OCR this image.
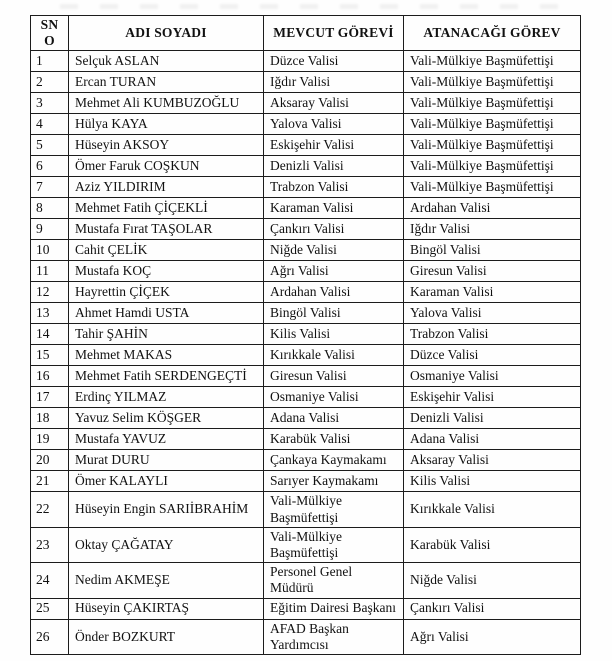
SNO	ADI SOYADI	MEVCUT GÖREVİ	ATANACAĞI GÖREV
1	Selçuk ASLAN	Düzce Valisi	Vali-Mülkiye Başmüfettişi
2	Ercan TURAN	Iğdır Valisi	Vali-Mülkiye Başmüfettişi
3	Mehmet Ali KUMBUZOĞLU	Aksaray Valisi	Vali-Mülkiye Başmüfettişi
4	Hülya KAYA	Yalova Valisi	Vali-Mülkiye Başmüfettişi
5	Hüseyin AKSOY	Eskişehir Valisi	Vali-Mülkiye Başmüfettişi
6	Ömer Faruk COŞKUN	Denizli Valisi	Vali-Mülkiye Başmüfettişi
7	Aziz YILDIRIM	Trabzon Valisi	Vali-Mülkiye Başmüfettişi
8	Mehmet Fatih ÇİÇEKLİ	Karaman Valisi	Ardahan Valisi
9	Mustafa Fırat TAŞOLAR	Çankırı Valisi	Iğdır Valisi
10	Cahit ÇELİK	Niğde Valisi	Bingöl Valisi
11	Mustafa KOÇ	Ağrı Valisi	Giresun Valisi
12	Hayrettin ÇİÇEK	Ardahan Valisi	Karaman Valisi
13	Ahmet Hamdi USTA	Bingöl Valisi	Yalova Valisi
14	Tahir ŞAHİN	Kilis Valisi	Trabzon Valisi
15	Mehmet MAKAS	Kırıkkale Valisi	Düzce Valisi
16	Mehmet Fatih SERDENGEÇTİ	Giresun Valisi	Osmaniye Valisi
17	Erdinç YILMAZ	Osmaniye Valisi	Eskişehir Valisi
18	Yavuz Selim KÖŞGER	Adana Valisi	Denizli Valisi
19	Mustafa YAVUZ	Karabük Valisi	Adana Valisi
20	Murat DURU	Çankaya Kaymakamı	Aksaray Valisi
21	Ömer KALAYLI	Sarıyer Kaymakamı	Kilis Valisi
22	Hüseyin Engin SARIİBRAHİM	Vali-Mülkiye Başmüfettişi	Kırıkkale Valisi
23	Oktay ÇAĞATAY	Vali-Mülkiye Başmüfettişi	Karabük Valisi
24	Nedim AKMEŞE	Personel Genel Müdürü	Niğde Valisi
25	Hüseyin ÇAKIRTAŞ	Eğitim Dairesi Başkanı	Çankırı Valisi
26	Önder BOZKURT	AFAD Başkan Yardımcısı	Ağrı Valisi
